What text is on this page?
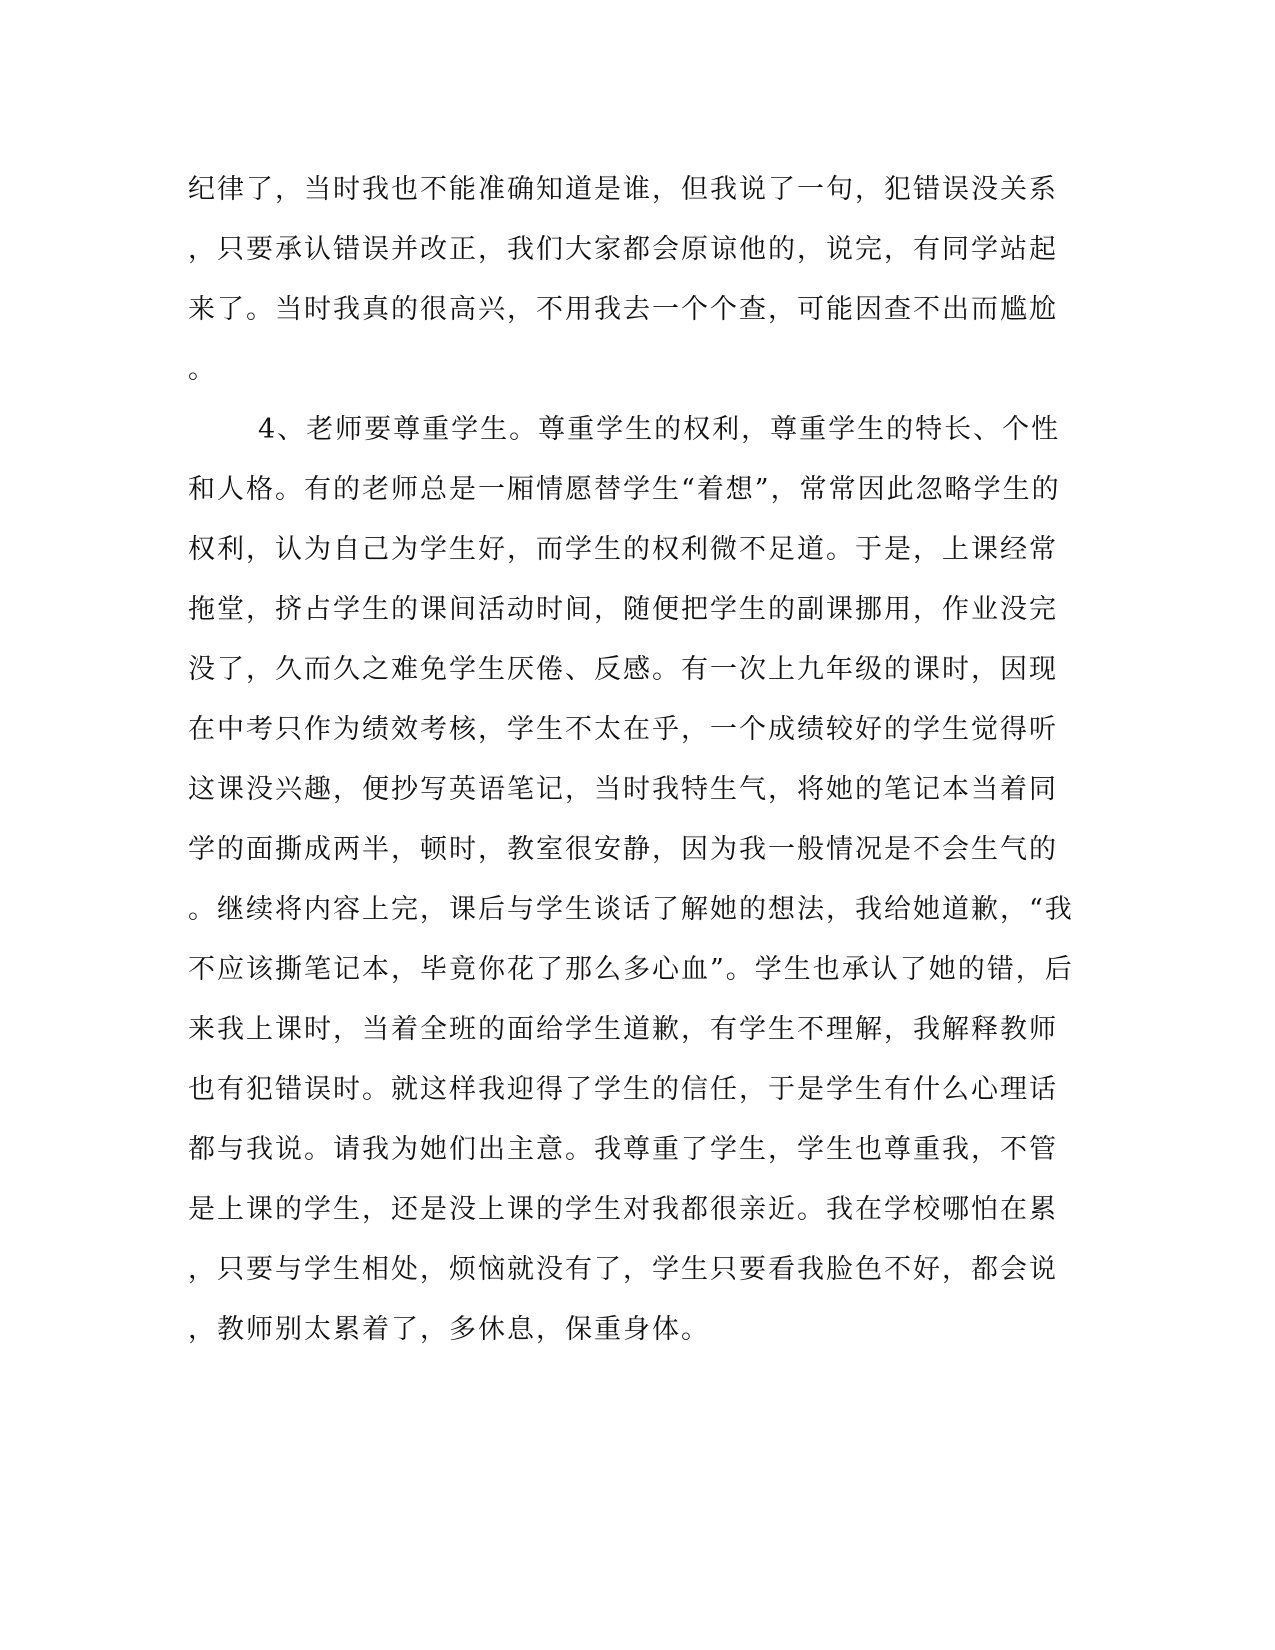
纪律了，当时我也不能准确知道是谁，但我说了一句，犯错误没关系
，只要承认错误并改正，我们大家都会原谅他的，说完，有同学站起
来了。当时我真的很高兴，不用我去一个个查，可能因查不出而尴尬
。
4、老师要尊重学生。尊重学生的权利，尊重学生的特长、个性
和人格。有的老师总是一厢情愿替学生“着想”，常常因此忽略学生的
权利，认为自己为学生好，而学生的权利微不足道。于是，上课经常
拖堂，挤占学生的课间活动时间，随便把学生的副课挪用，作业没完
没了，久而久之难免学生厌倦、反感。有一次上九年级的课时，因现
在中考只作为绩效考核，学生不太在乎，一个成绩较好的学生觉得听
这课没兴趣，便抄写英语笔记，当时我特生气，将她的笔记本当着同
学的面撕成两半，顿时，教室很安静，因为我一般情况是不会生气的
。继续将内容上完，课后与学生谈话了解她的想法，我给她道歉，“我
不应该撕笔记本，毕竟你花了那么多心血”。学生也承认了她的错，后
来我上课时，当着全班的面给学生道歉，有学生不理解，我解释教师
也有犯错误时。就这样我迎得了学生的信任，于是学生有什么心理话
都与我说。请我为她们出主意。我尊重了学生，学生也尊重我，不管
是上课的学生，还是没上课的学生对我都很亲近。我在学校哪怕在累
，只要与学生相处，烦恼就没有了，学生只要看我脸色不好，都会说
，教师别太累着了，多休息，保重身体。
